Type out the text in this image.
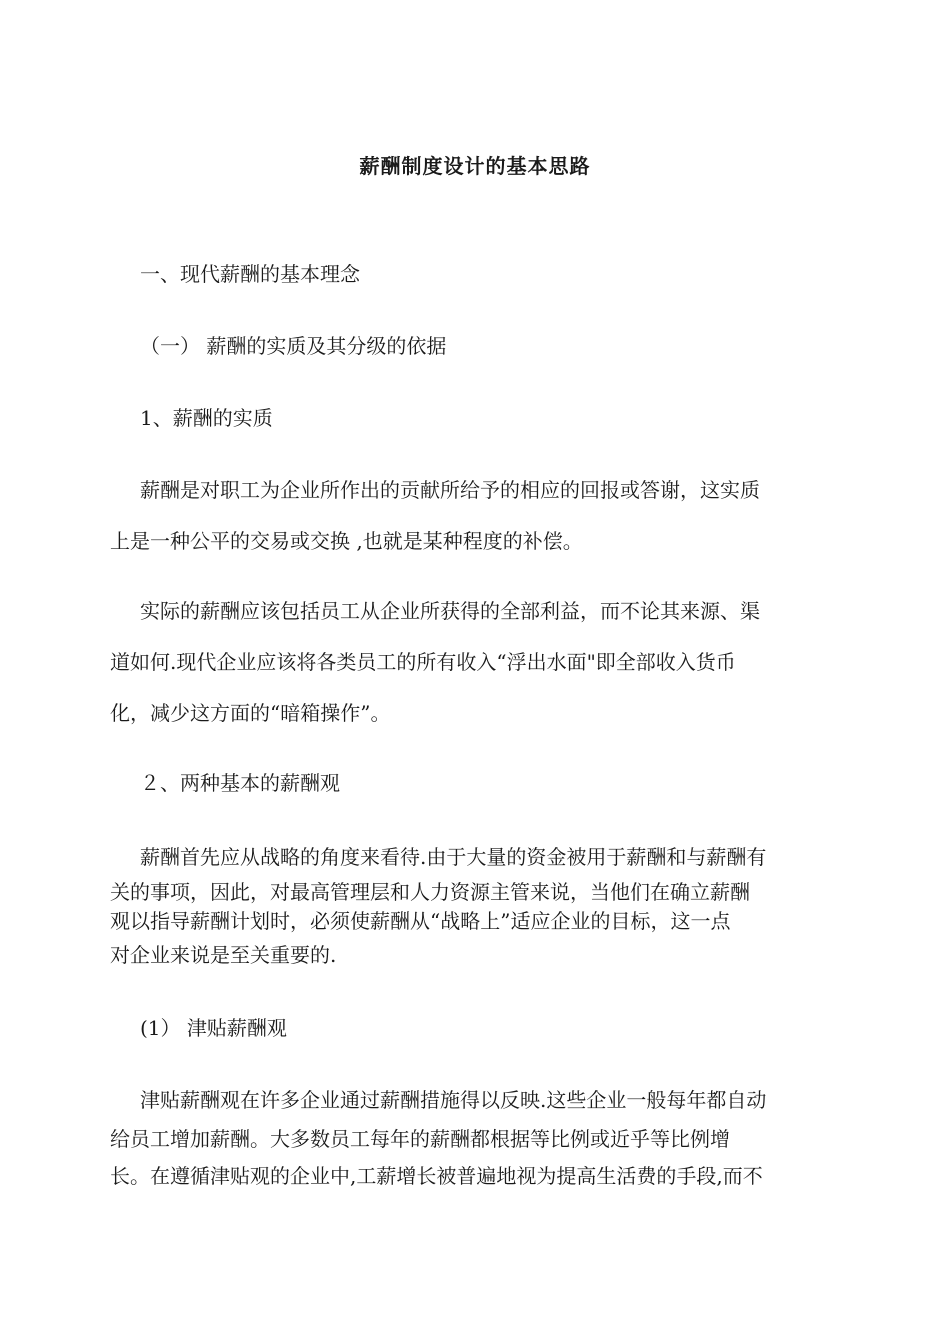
薪酬制度设计的基本思路
一、现代薪酬的基本理念
（一） 薪酬的实质及其分级的依据
1、薪酬的实质
薪酬是对职工为企业所作出的贡献所给予的相应的回报或答谢，这实质
上是一种公平的交易或交换 ,也就是某种程度的补偿。
实际的薪酬应该包括员工从企业所获得的全部利益，而不论其来源、渠
道如何.现代企业应该将各类员工的所有收入“浮出水面"即全部收入货币
化，减少这方面的“暗箱操作”。
２、两种基本的薪酬观
薪酬首先应从战略的角度来看待.由于大量的资金被用于薪酬和与薪酬有
关的事项，因此，对最高管理层和人力资源主管来说，当他们在确立薪酬
观以指导薪酬计划时，必须使薪酬从“战略上”适应企业的目标，这一点
对企业来说是至关重要的.
(1） 津贴薪酬观
津贴薪酬观在许多企业通过薪酬措施得以反映.这些企业一般每年都自动
给员工增加薪酬。大多数员工每年的薪酬都根据等比例或近乎等比例增
长。在遵循津贴观的企业中,工薪增长被普遍地视为提高生活费的手段,而不
